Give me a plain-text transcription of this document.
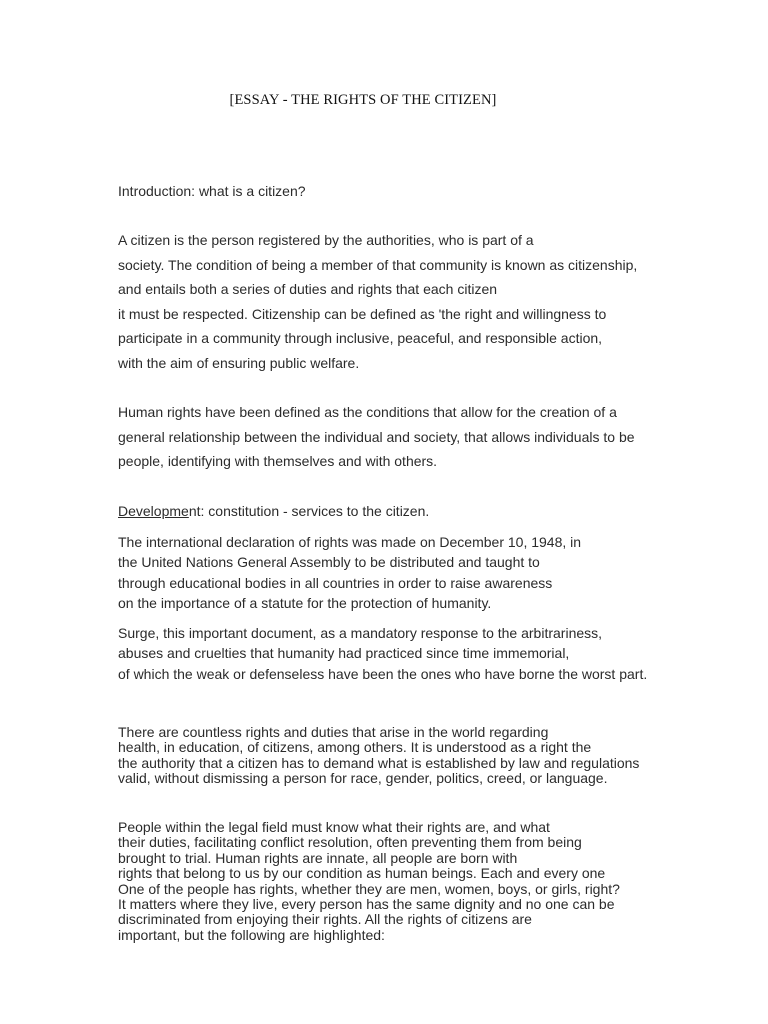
[ESSAY - THE RIGHTS OF THE CITIZEN]
Introduction: what is a citizen?
A citizen is the person registered by the authorities, who is part of a
society. The condition of being a member of that community is known as citizenship,
and entails both a series of duties and rights that each citizen
it must be respected. Citizenship can be defined as 'the right and willingness to
participate in a community through inclusive, peaceful, and responsible action,
with the aim of ensuring public welfare.
Human rights have been defined as the conditions that allow for the creation of a
general relationship between the individual and society, that allows individuals to be
people, identifying with themselves and with others.
Development: constitution - services to the citizen.
The international declaration of rights was made on December 10, 1948, in
the United Nations General Assembly to be distributed and taught to
through educational bodies in all countries in order to raise awareness
on the importance of a statute for the protection of humanity.
Surge, this important document, as a mandatory response to the arbitrariness,
abuses and cruelties that humanity had practiced since time immemorial,
of which the weak or defenseless have been the ones who have borne the worst part.
There are countless rights and duties that arise in the world regarding
health, in education, of citizens, among others. It is understood as a right the
the authority that a citizen has to demand what is established by law and regulations
valid, without dismissing a person for race, gender, politics, creed, or language.
People within the legal field must know what their rights are, and what
their duties, facilitating conflict resolution, often preventing them from being
brought to trial. Human rights are innate, all people are born with
rights that belong to us by our condition as human beings. Each and every one
One of the people has rights, whether they are men, women, boys, or girls, right?
It matters where they live, every person has the same dignity and no one can be
discriminated from enjoying their rights. All the rights of citizens are
important, but the following are highlighted:
